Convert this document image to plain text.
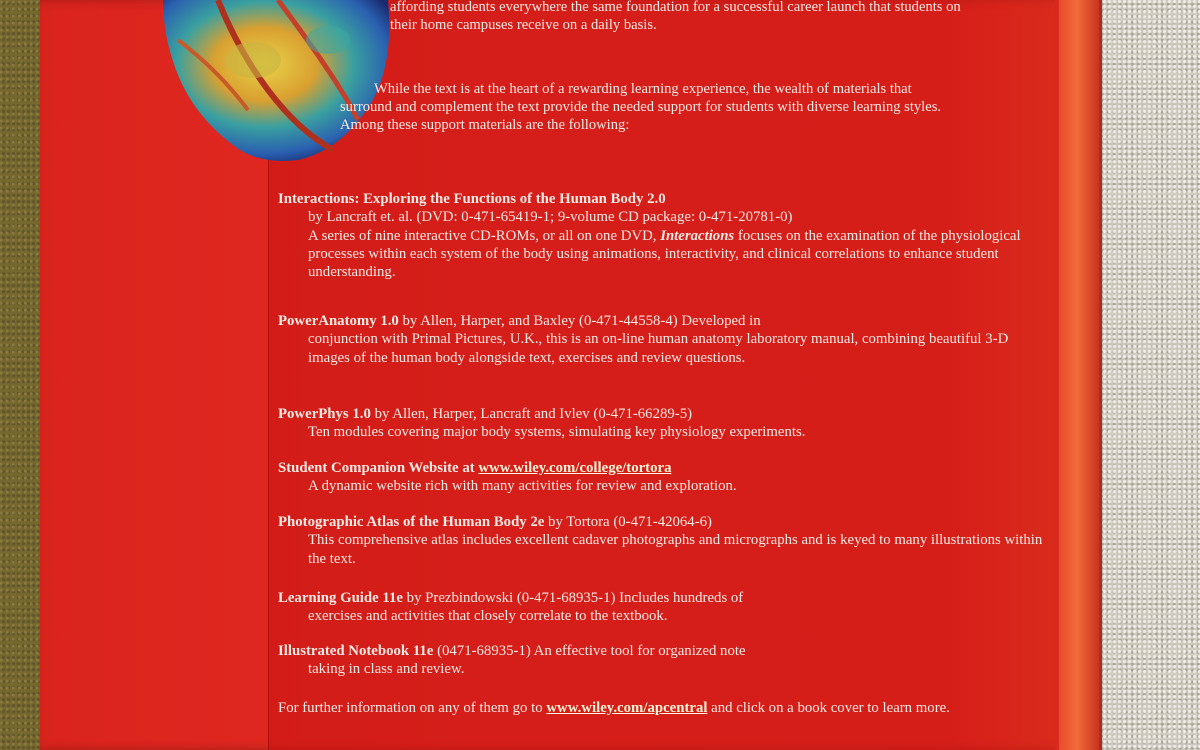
affording students everywhere the same foundation for a successful career launch that students on their home campuses receive on a daily basis.
While the text is at the heart of a rewarding learning experience, the wealth of materials that surround and complement the text provide the needed support for students with diverse learning styles. Among these support materials are the following:
Interactions: Exploring the Functions of the Human Body 2.0
by Lancraft et. al. (DVD: 0-471-65419-1; 9-volume CD package: 0-471-20781-0)
A series of nine interactive CD-ROMs, or all on one DVD, Interactions focuses on the examination of the physiological processes within each system of the body using animations, interactivity, and clinical correlations to enhance student understanding.
PowerAnatomy 1.0 by Allen, Harper, and Baxley (0-471-44558-4) Developed in
conjunction with Primal Pictures, U.K., this is an on-line human anatomy laboratory manual, combining beautiful 3-D images of the human body alongside text, exercises and review questions.
PowerPhys 1.0 by Allen, Harper, Lancraft and Ivlev (0-471-66289-5)
Ten modules covering major body systems, simulating key physiology experiments.
Student Companion Website at www.wiley.com/college/tortora
A dynamic website rich with many activities for review and exploration.
Photographic Atlas of the Human Body 2e by Tortora (0-471-42064-6)
This comprehensive atlas includes excellent cadaver photographs and micrographs and is keyed to many illustrations within the text.
Learning Guide 11e by Prezbindowski (0-471-68935-1) Includes hundreds of
exercises and activities that closely correlate to the textbook.
Illustrated Notebook 11e (0471-68935-1) An effective tool for organized note
taking in class and review.
For further information on any of them go to www.wiley.com/apcentral and click on a book cover to learn more.
